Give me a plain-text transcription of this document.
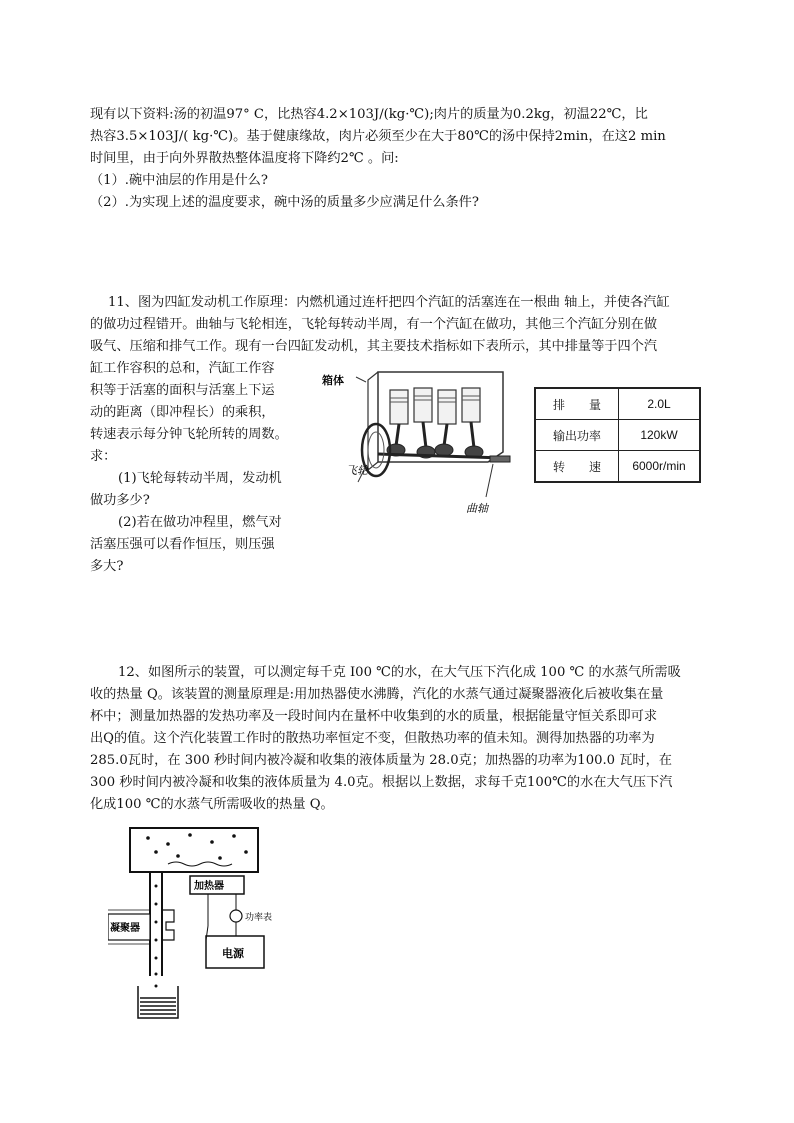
现有以下资料:汤的初温97° C，比热容4.2×103J/(kg·℃);肉片的质量为0.2kg，初温22℃，比

热容3.5×103J/( kg·℃)。基于健康缘故，肉片必须至少在大于80℃的汤中保持2min，在这2 min

时间里，由于向外界散热整体温度将下降约2℃ 。问:

（1）.碗中油层的作用是什么?

（2）.为实现上述的温度要求，碗中汤的质量多少应满足什么条件?

11、图为四缸发动机工作原理：内燃机通过连杆把四个汽缸的活塞连在一根曲 轴上，并使各汽缸

的做功过程错开。曲轴与飞轮相连，飞轮每转动半周，有一个汽缸在做功，其他三个汽缸分别在做

吸气、压缩和排气工作。现有一台四缸发动机，其主要技术指标如下表所示，其中排量等于四个汽

缸工作容积的总和，汽缸工作容

积等于活塞的面积与活塞上下运

动的距离（即冲程长）的乘积，

转速表示每分钟飞轮所转的周数。

求：

(1)飞轮每转动半周，发动机

做功多少?

(2)若在做功冲程里，燃气对

活塞压强可以看作恒压，则压强

多大?

箱体
飞轮
曲轴
排　　量	2.0L
输出功率	120kW
转　　速	6000r/min

12、如图所示的装置，可以测定每千克 I00 ℃的水，在大气压下汽化成 100 ℃ 的水蒸气所需吸

收的热量 Q。该装置的测量原理是:用加热器使水沸腾，汽化的水蒸气通过凝聚器液化后被收集在量

杯中；测量加热器的发热功率及一段时间内在量杯中收集到的水的质量，根据能量守恒关系即可求

出Q的值。这个汽化装置工作时的散热功率恒定不变，但散热功率的值未知。测得加热器的功率为

285.0瓦时，在 300 秒时间内被冷凝和收集的液体质量为 28.0克；加热器的功率为100.0 瓦时，在

300 秒时间内被冷凝和收集的液体质量为 4.0克。根据以上数据，求每千克100℃的水在大气压下汽

化成100 ℃的水蒸气所需吸收的热量 Q。

加热器
功率表
电源
凝聚器
